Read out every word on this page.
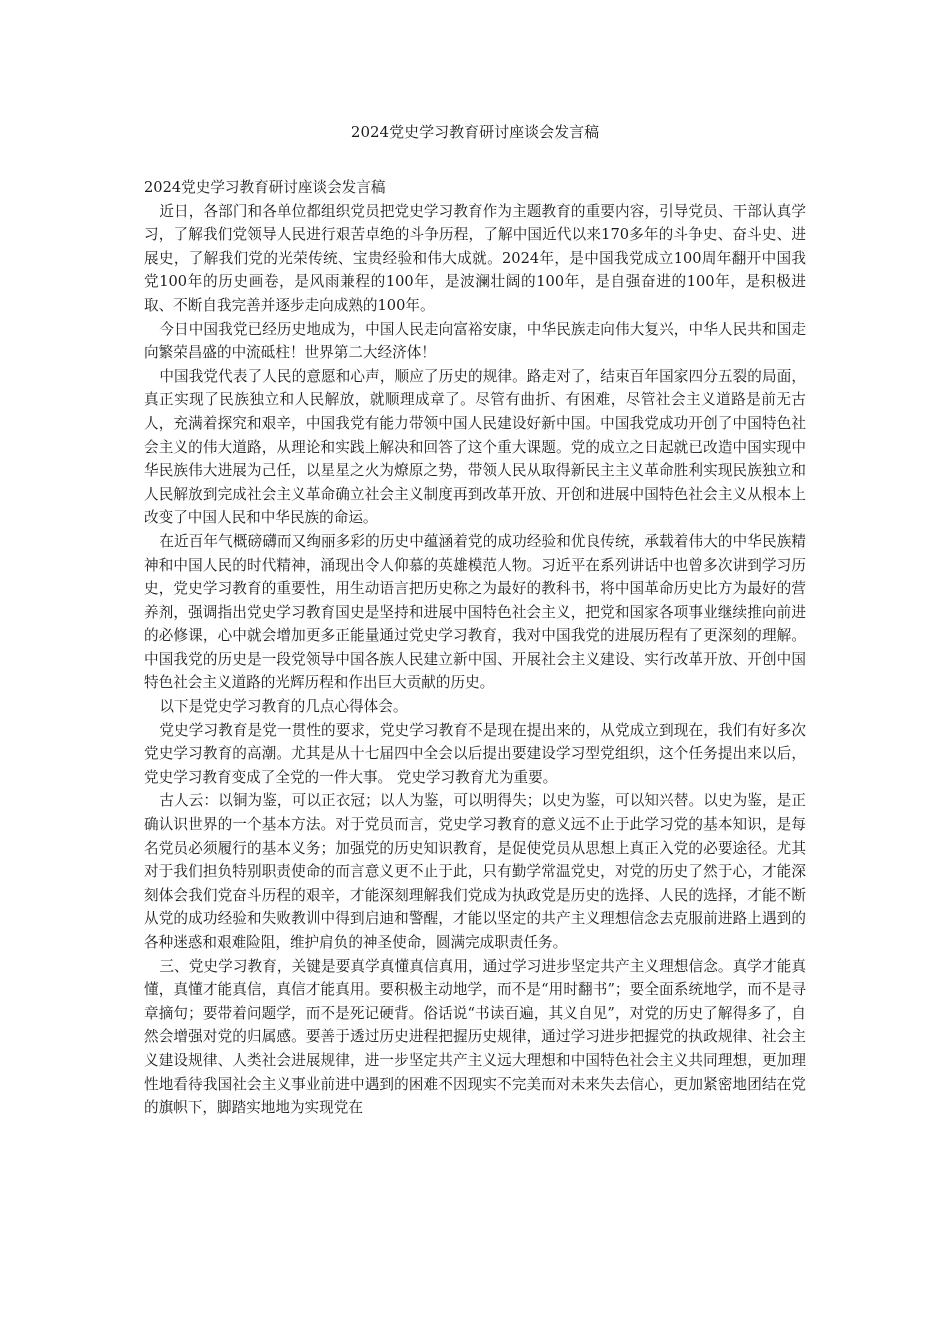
2024党史学习教育研讨座谈会发言稿
2024党史学习教育研讨座谈会发言稿

近日，各部门和各单位都组织党员把党史学习教育作为主题教育的重要内容，引导党员、干部认真学习，了解我们党领导人民进行艰苦卓绝的斗争历程，了解中国近代以来170多年的斗争史、奋斗史、进展史，了解我们党的光荣传统、宝贵经验和伟大成就。2024年，是中国我党成立100周年翻开中国我党100年的历史画卷，是风雨兼程的100年，是波澜壮阔的100年，是自强奋进的100年，是积极进取、不断自我完善并逐步走向成熟的100年。

今日中国我党已经历史地成为，中国人民走向富裕安康，中华民族走向伟大复兴，中华人民共和国走向繁荣昌盛的中流砥柱！世界第二大经济体！

中国我党代表了人民的意愿和心声，顺应了历史的规律。路走对了，结束百年国家四分五裂的局面，真正实现了民族独立和人民解放，就顺理成章了。尽管有曲折、有困难，尽管社会主义道路是前无古人，充满着探究和艰辛，中国我党有能力带领中国人民建设好新中国。中国我党成功开创了中国特色社会主义的伟大道路，从理论和实践上解决和回答了这个重大课题。党的成立之日起就已改造中国实现中华民族伟大进展为己任，以星星之火为燎原之势，带领人民从取得新民主主义革命胜利实现民族独立和人民解放到完成社会主义革命确立社会主义制度再到改革开放、开创和进展中国特色社会主义从根本上改变了中国人民和中华民族的命运。

在近百年气概磅礴而又绚丽多彩的历史中蕴涵着党的成功经验和优良传统，承载着伟大的中华民族精神和中国人民的时代精神，涌现出令人仰慕的英雄模范人物。习近平在系列讲话中也曾多次讲到学习历史，党史学习教育的重要性，用生动语言把历史称之为最好的教科书，将中国革命历史比方为最好的营养剂，强调指出党史学习教育国史是坚持和进展中国特色社会主义，把党和国家各项事业继续推向前进的必修课，心中就会增加更多正能量通过党史学习教育，我对中国我党的进展历程有了更深刻的理解。中国我党的历史是一段党领导中国各族人民建立新中国、开展社会主义建设、实行改革开放、开创中国特色社会主义道路的光辉历程和作出巨大贡献的历史。

以下是党史学习教育的几点心得体会。

党史学习教育是党一贯性的要求，党史学习教育不是现在提出来的，从党成立到现在，我们有好多次党史学习教育的高潮。尤其是从十七届四中全会以后提出要建设学习型党组织，这个任务提出来以后，党史学习教育变成了全党的一件大事。 党史学习教育尤为重要。

古人云：以铜为鉴，可以正衣冠；以人为鉴，可以明得失；以史为鉴，可以知兴替。以史为鉴，是正确认识世界的一个基本方法。对于党员而言，党史学习教育的意义远不止于此学习党的基本知识，是每名党员必须履行的基本义务；加强党的历史知识教育，是促使党员从思想上真正入党的必要途径。尤其对于我们担负特别职责使命的而言意义更不止于此，只有勤学常温党史，对党的历史了然于心，才能深刻体会我们党奋斗历程的艰辛，才能深刻理解我们党成为执政党是历史的选择、人民的选择，才能不断从党的成功经验和失败教训中得到启迪和警醒，才能以坚定的共产主义理想信念去克服前进路上遇到的各种迷惑和艰难险阻，维护肩负的神圣使命，圆满完成职责任务。

三、党史学习教育，关键是要真学真懂真信真用，通过学习进步坚定共产主义理想信念。真学才能真懂，真懂才能真信，真信才能真用。要积极主动地学，而不是“用时翻书”；要全面系统地学，而不是寻章摘句；要带着问题学，而不是死记硬背。俗话说“书读百遍，其义自见”，对党的历史了解得多了，自然会增强对党的归属感。要善于透过历史进程把握历史规律，通过学习进步把握党的执政规律、社会主义建设规律、人类社会进展规律，进一步坚定共产主义远大理想和中国特色社会主义共同理想，更加理性地看待我国社会主义事业前进中遇到的困难不因现实不完美而对未来失去信心，更加紧密地团结在党的旗帜下，脚踏实地地为实现党在
